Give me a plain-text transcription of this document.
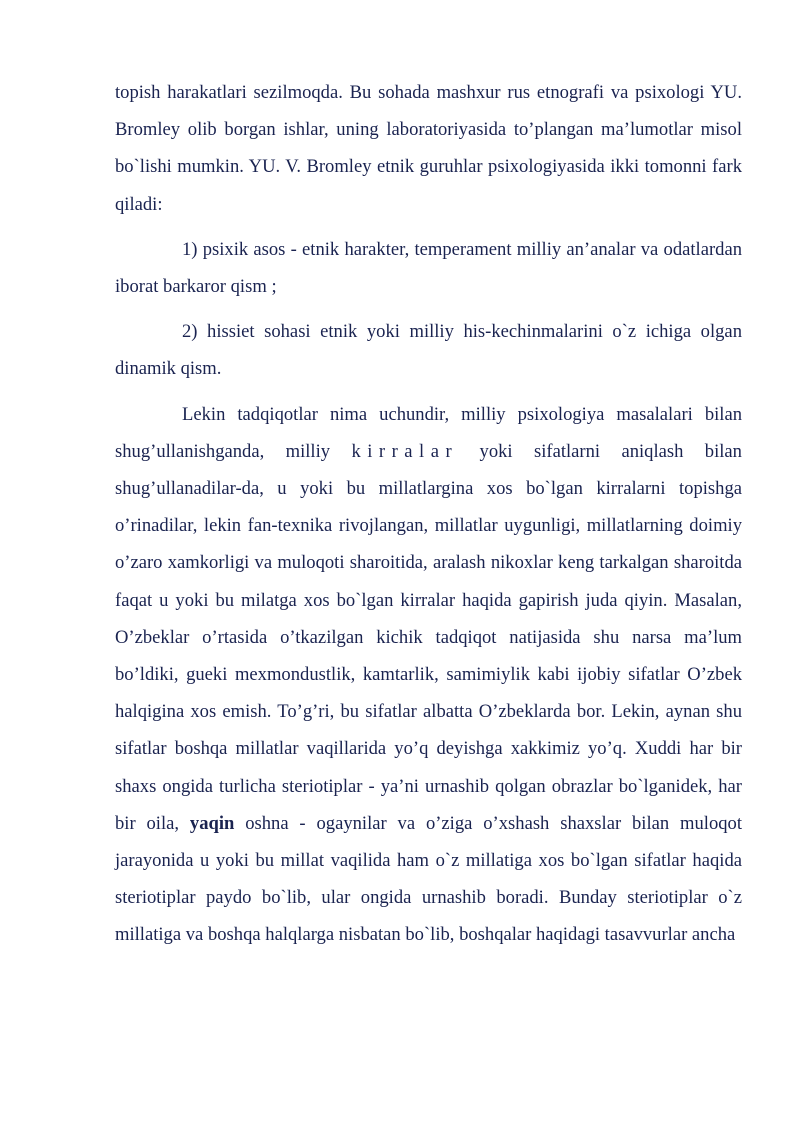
topish harakatlari sezilmoqda. Bu sohada mashxur rus etnografi va psixologi YU. Bromley olib borgan ishlar, uning laboratoriyasida to’plangan ma’lumotlar misol bo`lishi mumkin. YU. V. Bromley etnik guruhlar psixologiyasida ikki tomonni fark qiladi:

1) psixik asos - etnik harakter, temperament milliy an’analar va odatlardan iborat barkaror qism ;

2) hissiet sohasi etnik yoki milliy his-kechinmalarini o`z ichiga olgan dinamik qism.

Lekin tadqiqotlar nima uchundir, milliy psixologiya masalalari bilan shug’ullanishganda, milliy kirralar yoki sifatlarni aniqlash bilan shug’ullanadilar-da, u yoki bu millatlargina xos bo`lgan kirralarni topishga o’rinadilar, lekin fan-texnika rivojlangan, millatlar uygunligi, millatlarning doimiy o’zaro xamkorligi va muloqoti sharoitida, aralash nikoxlar keng tarkalgan sharoitda faqat u yoki bu milatga xos bo`lgan kirralar haqida gapirish juda qiyin. Masalan, O’zbeklar o’rtasida o’tkazilgan kichik tadqiqot natijasida shu narsa ma’lum bo’ldiki, gueki mexmondustlik, kamtarlik, samimiylik kabi ijobiy sifatlar O’zbek halqigina xos emish. To’g’ri, bu sifatlar albatta O’zbeklarda bor. Lekin, aynan shu sifatlar boshqa millatlar vaqillarida yo’q deyishga xakkimiz yo’q. Xuddi har bir shaxs ongida turlicha steriotiplar - ya’ni urnashib qolgan obrazlar bo`lganidek, har bir oila, yaqin oshna - ogaynilar va o’ziga o’xshash shaxslar bilan muloqot jarayonida u yoki bu millat vaqilida ham o`z millatiga xos bo`lgan sifatlar haqida steriotiplar paydo bo`lib, ular ongida urnashib boradi. Bunday steriotiplar o`z millatiga va boshqa halqlarga nisbatan bo`lib, boshqalar haqidagi tasavvurlar ancha
